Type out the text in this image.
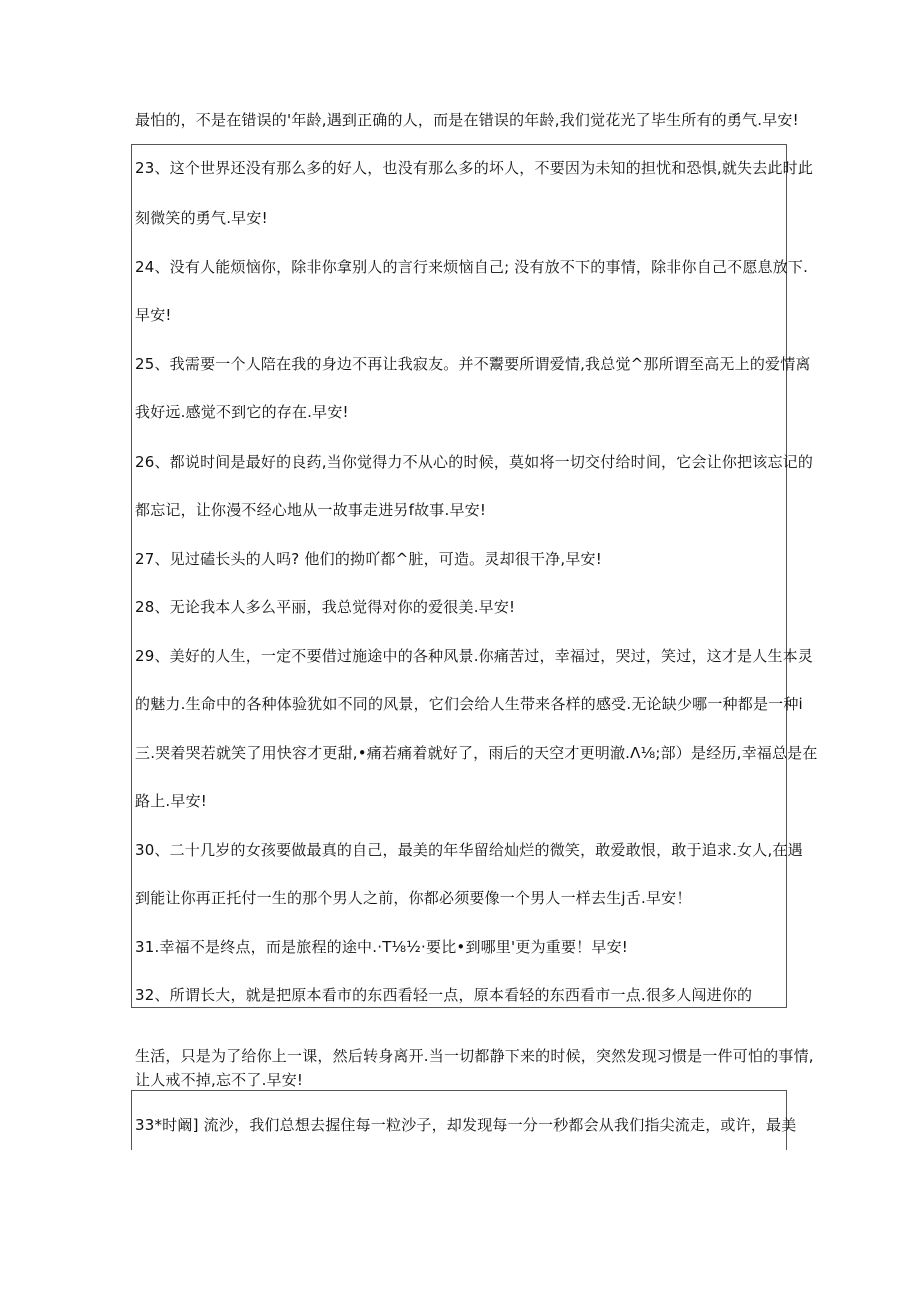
最怕的，不是在错误的'年龄,遇到正确的人，而是在错误的年龄,我们觉花光了毕生所有的勇气.早安!
23、这个世界还没有那么多的好人，也没有那么多的坏人，不要因为未知的担忧和恐惧,就失去此时此
刻微笑的勇气.早安!
24、没有人能烦恼你，除非你拿别人的言行来烦恼自己; 没有放不下的事情，除非你自己不愿息放下.
早安!
25、我需要一个人陪在我的身边不再让我寂友。并不鬻要所谓爱情,我总觉^那所谓至高无上的爱情离
我好远.感觉不到它的存在.早安!
26、都说时间是最好的良药,当你觉得力不从心的时候，莫如将一切交付给时间，它会让你把该忘记的
都忘记，让你漫不经心地从一故事走进另f故事.早安!
27、见过磕长头的人吗? 他们的拗吖都^脏，可造。灵却很干净,早安!
28、无论我本人多么平丽，我总觉得对你的爱很美.早安!
29、美好的人生，一定不要借过施途中的各种风景.你痛苦过，幸福过，哭过，笑过，这才是人生本灵
的魅力.生命中的各种体验犹如不同的风景，它们会给人生带来各样的感受.无论缺少哪一种都是一种i
三.哭着哭若就笑了用快容才更甜,•痛若痛着就好了，雨后的天空才更明澈.Λ⅛;部）是经历,幸福总是在
路上.早安!
30、二十几岁的女孩要做最真的自己，最美的年华留给灿烂的微笑，敢爱敢恨，敢于追求.女人,在遇
到能让你再正托付一生的那个男人之前，你都必须要像一个男人一样去生j舌.早安！
31.幸福不是终点，而是旅程的途中.·T⅛½·要比•到哪里'更为重要！早安!
32、所谓长大，就是把原本看市的东西看轻一点，原本看轻的东西看市一点.很多人闯进你的
生活，只是为了给你上一课，然后转身离开.当一切都静下来的时候，突然发现习惯是一件可怕的事情,
让人戒不掉,忘不了.早安!
33*时阚] 流沙，我们总想去握住每一粒沙子，却发现每一分一秒都会从我们指尖流走，或许，最美
